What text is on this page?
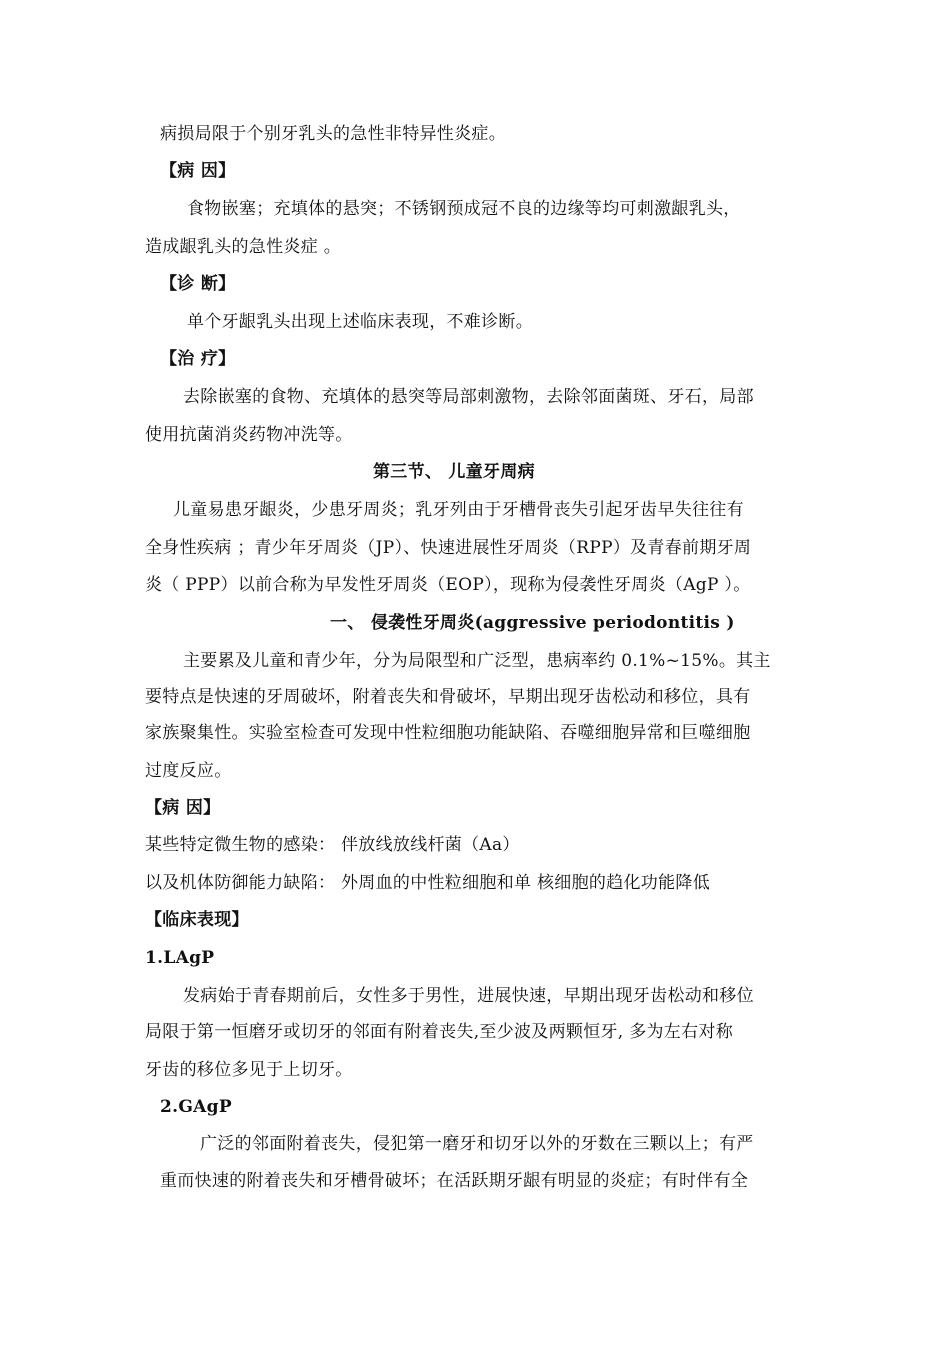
病损局限于个别牙乳头的急性非特异性炎症。

【病 因】

食物嵌塞；充填体的悬突；不锈钢预成冠不良的边缘等均可刺激龈乳头，

造成龈乳头的急性炎症 。

【诊 断】

单个牙龈乳头出现上述临床表现，不难诊断。

【治 疗】

去除嵌塞的食物、充填体的悬突等局部刺激物，去除邻面菌斑、牙石，局部

使用抗菌消炎药物冲洗等。

第三节、 儿童牙周病

儿童易患牙龈炎，少患牙周炎；乳牙列由于牙槽骨丧失引起牙齿早失往往有

全身性疾病 ；青少年牙周炎（JP）、快速进展性牙周炎（RPP）及青春前期牙周

炎（ PPP）以前合称为早发性牙周炎（EOP），现称为侵袭性牙周炎（AgP ）。

一、 侵袭性牙周炎(aggressive periodontitis )

主要累及儿童和青少年，分为局限型和广泛型，患病率约 0.1%~15%。其主

要特点是快速的牙周破坏，附着丧失和骨破坏，早期出现牙齿松动和移位，具有

家族聚集性。实验室检查可发现中性粒细胞功能缺陷、吞噬细胞异常和巨噬细胞

过度反应。

【病 因】

某些特定微生物的感染： 伴放线放线杆菌（Aa）

以及机体防御能力缺陷： 外周血的中性粒细胞和单 核细胞的趋化功能降低

【临床表现】

1.LAgP

发病始于青春期前后，女性多于男性，进展快速，早期出现牙齿松动和移位

局限于第一恒磨牙或切牙的邻面有附着丧失,至少波及两颗恒牙, 多为左右对称

牙齿的移位多见于上切牙。

2.GAgP

广泛的邻面附着丧失，侵犯第一磨牙和切牙以外的牙数在三颗以上；有严

重而快速的附着丧失和牙槽骨破坏；在活跃期牙龈有明显的炎症；有时伴有全
